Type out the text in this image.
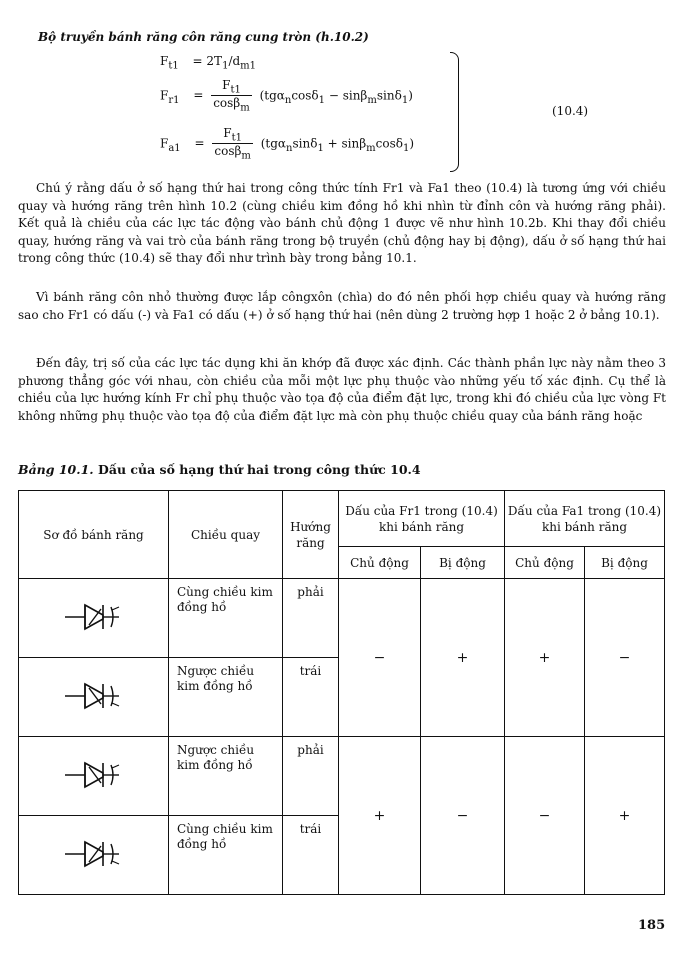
Bộ truyền bánh răng côn răng cung tròn (h.10.2)
$F_{t1} = 2T_1/d_{m1}$
$F_{r1} = \frac{F_{t1}}{\cos\beta_m} (tg\alpha_n\cos\delta_1 - \sin\beta_m\sin\delta_1)$
$F_{a1} = \frac{F_{t1}}{\cos\beta_m} (tg\alpha_n\sin\delta_1 + \sin\beta_m\cos\delta_1)$
(10.4)

Chú ý rằng dấu ở số hạng thứ hai trong công thức tính Fr1 và Fa1 theo (10.4) là tương ứng với chiều quay và hướng răng trên hình 10.2 (cùng chiều kim đồng hồ khi nhìn từ đỉnh côn và hướng răng phải). Kết quả là chiều của các lực tác động vào bánh chủ động 1 được vẽ như hình 10.2b. Khi thay đổi chiều quay, hướng răng và vai trò của bánh răng trong bộ truyền (chủ động hay bị động), dấu ở số hạng thứ hai trong công thức (10.4) sẽ thay đổi như trình bày trong bảng 10.1.

Vì bánh răng côn nhỏ thường được lắp côngxôn (chìa) do đó nên phối hợp chiều quay và hướng răng sao cho Fr1 có dấu (-) và Fa1 có dấu (+) ở số hạng thứ hai (nên dùng 2 trường hợp 1 hoặc 2 ở bảng 10.1).

Đến đây, trị số của các lực tác dụng khi ăn khớp đã được xác định. Các thành phần lực này nằm theo 3 phương thẳng góc với nhau, còn chiều của mỗi một lực phụ thuộc vào những yếu tố xác định. Cụ thể là chiều của lực hướng kính Fr chỉ phụ thuộc vào tọa độ của điểm đặt lực, trong khi đó chiều của lực vòng Ft không những phụ thuộc vào tọa độ của điểm đặt lực mà còn phụ thuộc chiều quay của bánh răng hoặc

Bảng 10.1. Dấu của số hạng thứ hai trong công thức 10.4
Sơ đồ bánh răng	Chiều quay	Hướng răng	Dấu của Fr1 trong (10.4) khi bánh răng		Dấu của Fa1 trong (10.4) khi bánh răng	
			Chủ động	Bị động	Chủ động	Bị động
	Cùng chiều kim đồng hồ	phải	−	+	+	−
	Ngược chiều kim đồng hồ	trái				
	Ngược chiều kim đồng hồ	phải	+	−	−	+
	Cùng chiều kim đồng hồ	trái				
185
